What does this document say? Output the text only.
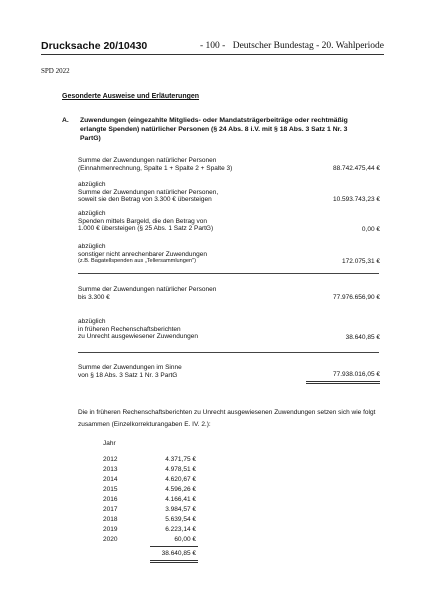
Drucksache 20/10430	- 100 - Deutscher Bundestag - 20. Wahlperiode
SPD 2022
Gesonderte Ausweise und Erläuterungen
A. Zuwendungen (eingezahlte Mitglieds- oder Mandatsträgerbeiträge oder rechtmäßig erlangte Spenden) natürlicher Personen (§ 24 Abs. 8 i.V. mit § 18 Abs. 3 Satz 1 Nr. 3 PartG)
Summe der Zuwendungen natürlicher Personen
(Einnahmenrechnung, Spalte 1 + Spalte 2 + Spalte 3)	88.742.475,44 €
abzüglich
Summe der Zuwendungen natürlicher Personen,
soweit sie den Betrag von 3.300 € übersteigen	10.593.743,23 €
abzüglich
Spenden mittels Bargeld, die den Betrag von
1.000 € übersteigen (§ 25 Abs. 1 Satz 2 PartG)	0,00 €
abzüglich
sonstiger nicht anrechenbarer Zuwendungen
(z.B. Bagatellspenden aus „Tellersammlungen")	172.075,31 €
Summe der Zuwendungen natürlicher Personen
bis 3.300 €	77.976.656,90 €
abzüglich
in früheren Rechenschaftsberichten
zu Unrecht ausgewiesener Zuwendungen	38.640,85 €
Summe der Zuwendungen im Sinne
von § 18 Abs. 3 Satz 1 Nr. 3 PartG	77.938.016,05 €
Die in früheren Rechenschaftsberichten zu Unrecht ausgewiesenen Zuwendungen setzen sich wie folgt zusammen (Einzelkorrekturangaben E. IV. 2.):
Jahr
2012	4.371,75 €
2013	4.978,51 €
2014	4.620,67 €
2015	4.596,26 €
2016	4.166,41 €
2017	3.984,57 €
2018	5.639,54 €
2019	6.223,14 €
2020	60,00 €
38.640,85 €
